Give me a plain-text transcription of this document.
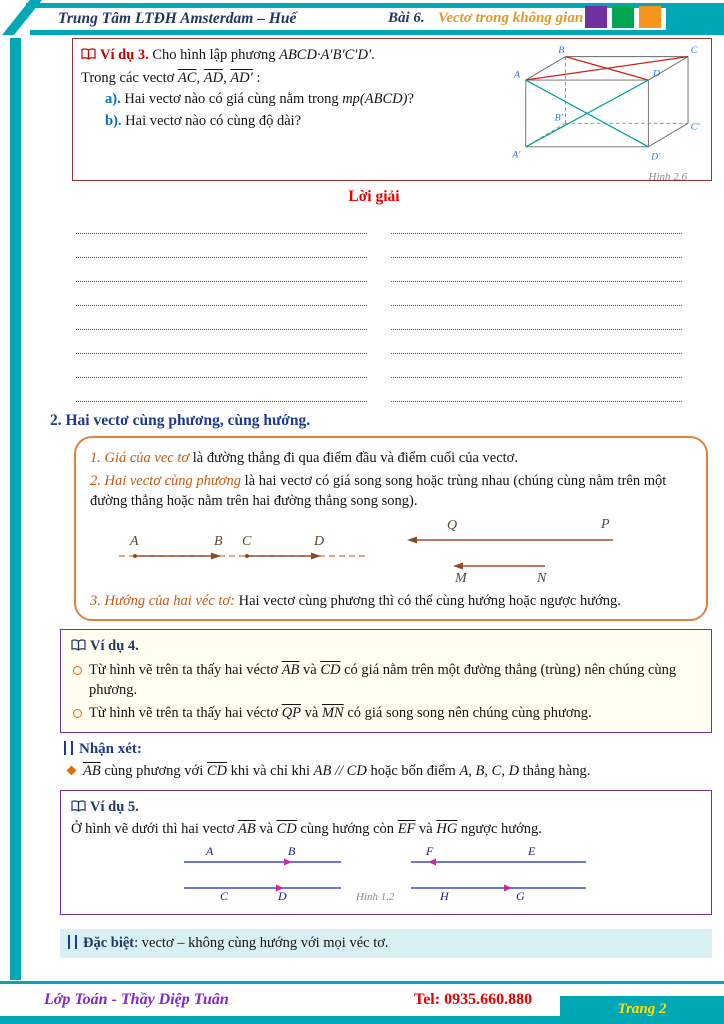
Trung Tâm LTĐH Amsterdam – Huế	Bài 6. Vectơ trong không gian
B	C
A	D
B′
C′
A′	D′
Hình 2.6

Ví dụ 3. Cho hình lập phương ABCD·A′B′C′D′.

Trong các vectơ $\overline{AC}$, $\overline{AD}$, AD′ :

a). Hai vectơ nào có giá cùng nằm trong mp(ABCD)?

b). Hai vectơ nào có cùng độ dài?

Lời giải
2. Hai vectơ cùng phương, cùng hướng.

1. Giá của vec tơ là đường thẳng đi qua điểm đầu và điểm cuối của vectơ.

2. Hai vectơ cùng phương là hai vectơ có giá song song hoặc trùng nhau (chúng cùng nằm trên một đường thẳng hoặc nằm trên hai đường thẳng song song).

A	B C	D
Q	P
M	N

3. Hướng của hai véc tơ: Hai vectơ cùng phương thì có thể cùng hướng hoặc ngược hướng.

Ví dụ 4.

Từ hình vẽ trên ta thấy hai véctơ $\overline{AB}$ và $\overline{CD}$ có giá nằm trên một đường thẳng (trùng) nên chúng cùng phương.

Từ hình vẽ trên ta thấy hai véctơ $\overline{QP}$ và $\overline{MN}$ có giá song song nên chúng cùng phương.

Nhận xét:

$\overline{AB}$ cùng phương với $\overline{CD}$ khi và chỉ khi AB // CD hoặc bốn điểm A, B, C, D thẳng hàng.

Ví dụ 5.

Ở hình vẽ dưới thì hai vectơ $\overline{AB}$ và $\overline{CD}$ cùng hướng còn $\overline{EF}$ và $\overline{HG}$ ngược hướng.

A	B
C	D
F	E
H	G
Hình 1.2
Đặc biệt: vectơ – không cùng hướng với mọi véc tơ.
Lớp Toán - Thầy Diệp Tuân	Tel: 0935.660.880
Trang 2
